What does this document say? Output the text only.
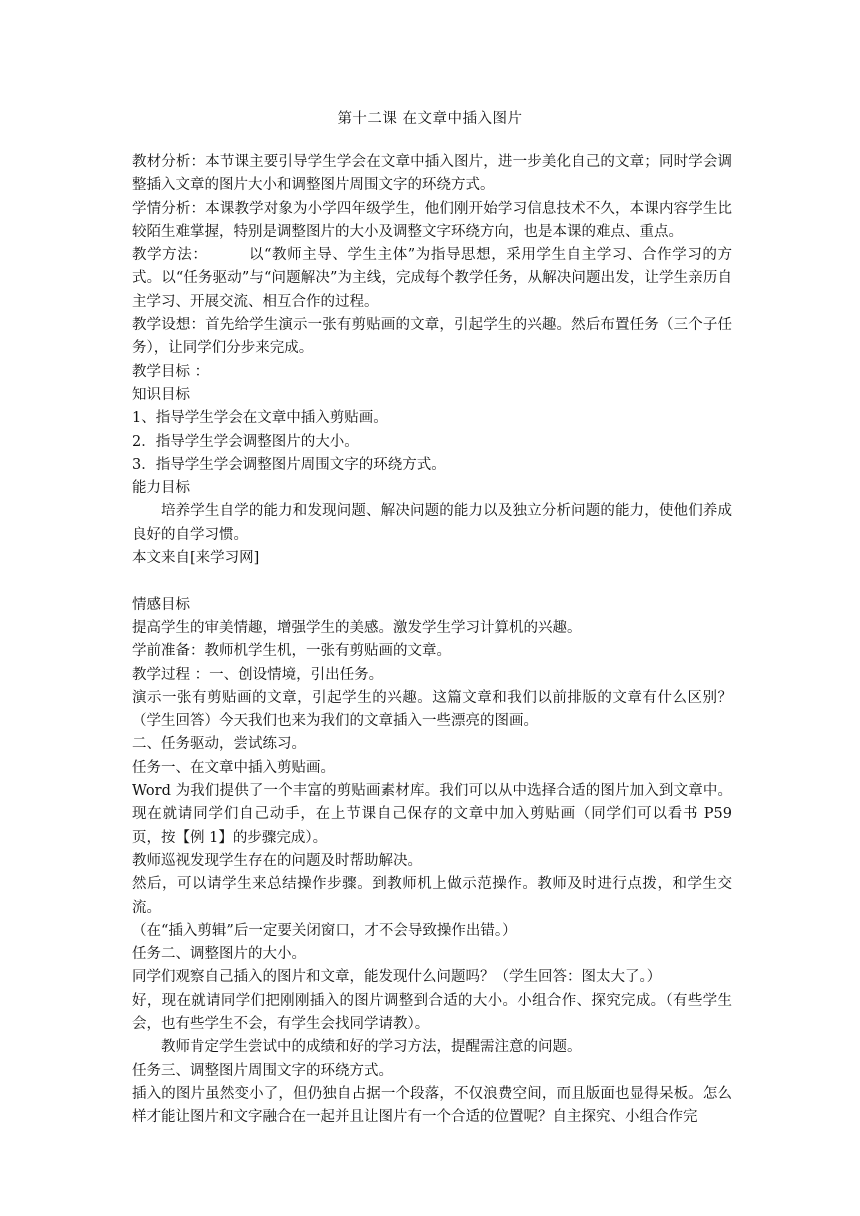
第十二课 在文章中插入图片

教材分析：本节课主要引导学生学会在文章中插入图片，进一步美化自己的文章；同时学会调整插入文章的图片大小和调整图片周围文字的环绕方式。

学情分析：本课教学对象为小学四年级学生，他们刚开始学习信息技术不久，本课内容学生比较陌生难掌握，特别是调整图片的大小及调整文字环绕方向，也是本课的难点、重点。

教学方法：        以“教师主导、学生主体”为指导思想，采用学生自主学习、合作学习的方式。以“任务驱动”与“问题解决”为主线，完成每个教学任务，从解决问题出发，让学生亲历自主学习、开展交流、相互合作的过程。

教学设想：首先给学生演示一张有剪贴画的文章，引起学生的兴趣。然后布置任务（三个子任务），让同学们分步来完成。

教学目标 ：

知识目标

1、指导学生学会在文章中插入剪贴画。

2．指导学生学会调整图片的大小。

3．指导学生学会调整图片周围文字的环绕方式。

能力目标

培养学生自学的能力和发现问题、解决问题的能力以及独立分析问题的能力，使他们养成良好的自学习惯。

本文来自[来学习网]

情感目标

提高学生的审美情趣，增强学生的美感。激发学生学习计算机的兴趣。

学前准备：教师机学生机，一张有剪贴画的文章。

教学过程 ：一、创设情境，引出任务。

演示一张有剪贴画的文章，引起学生的兴趣。这篇文章和我们以前排版的文章有什么区别？（学生回答）今天我们也来为我们的文章插入一些漂亮的图画。

二、任务驱动，尝试练习。

任务一、在文章中插入剪贴画。

Word 为我们提供了一个丰富的剪贴画素材库。我们可以从中选择合适的图片加入到文章中。现在就请同学们自己动手，在上节课自己保存的文章中加入剪贴画（同学们可以看书 P59 页，按【例 1】的步骤完成）。

教师巡视发现学生存在的问题及时帮助解决。

然后，可以请学生来总结操作步骤。到教师机上做示范操作。教师及时进行点拨，和学生交流。

（在“插入剪辑”后一定要关闭窗口，才不会导致操作出错。）

任务二、调整图片的大小。

同学们观察自己插入的图片和文章，能发现什么问题吗？（学生回答：图太大了。）

好，现在就请同学们把刚刚插入的图片调整到合适的大小。小组合作、探究完成。（有些学生会，也有些学生不会，有学生会找同学请教）。

教师肯定学生尝试中的成绩和好的学习方法，提醒需注意的问题。

任务三、调整图片周围文字的环绕方式。

插入的图片虽然变小了，但仍独自占据一个段落，不仅浪费空间，而且版面也显得呆板。怎么样才能让图片和文字融合在一起并且让图片有一个合适的位置呢？自主探究、小组合作完
